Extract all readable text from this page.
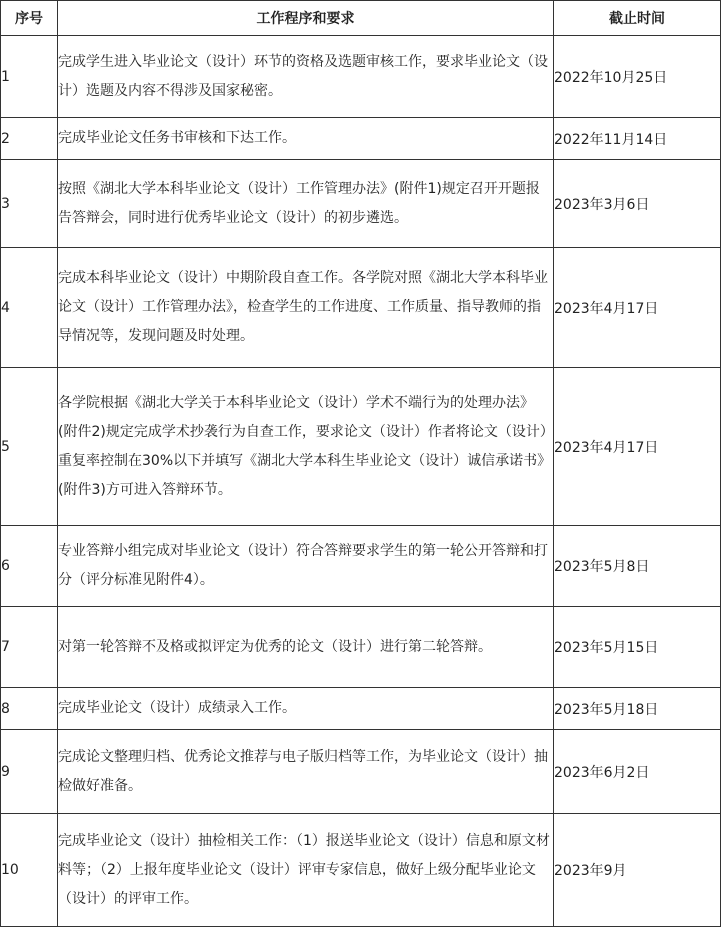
序号	工作程序和要求	截止时间
1	完成学生进入毕业论文（设计）环节的资格及选题审核工作，要求毕业论文（设计）选题及内容不得涉及国家秘密。	2022年10月25日
2	完成毕业论文任务书审核和下达工作。	2022年11月14日
3	按照《湖北大学本科毕业论文（设计）工作管理办法》(附件1)规定召开开题报告答辩会，同时进行优秀毕业论文（设计）的初步遴选。	2023年3月6日
4	完成本科毕业论文（设计）中期阶段自查工作。各学院对照《湖北大学本科毕业论文（设计）工作管理办法》，检查学生的工作进度、工作质量、指导教师的指导情况等，发现问题及时处理。	2023年4月17日
5	各学院根据《湖北大学关于本科毕业论文（设计）学术不端行为的处理办法》(附件2)规定完成学术抄袭行为自查工作，要求论文（设计）作者将论文（设计）重复率控制在30%以下并填写《湖北大学本科生毕业论文（设计）诚信承诺书》(附件3)方可进入答辩环节。	2023年4月17日
6	专业答辩小组完成对毕业论文（设计）符合答辩要求学生的第一轮公开答辩和打分（评分标准见附件4）。	2023年5月8日
7	对第一轮答辩不及格或拟评定为优秀的论文（设计）进行第二轮答辩。	2023年5月15日
8	完成毕业论文（设计）成绩录入工作。	2023年5月18日
9	完成论文整理归档、优秀论文推荐与电子版归档等工作，为毕业论文（设计）抽检做好准备。	2023年6月2日
10	完成毕业论文（设计）抽检相关工作：（1）报送毕业论文（设计）信息和原文材料等；（2）上报年度毕业论文（设计）评审专家信息，做好上级分配毕业论文（设计）的评审工作。	2023年9月
